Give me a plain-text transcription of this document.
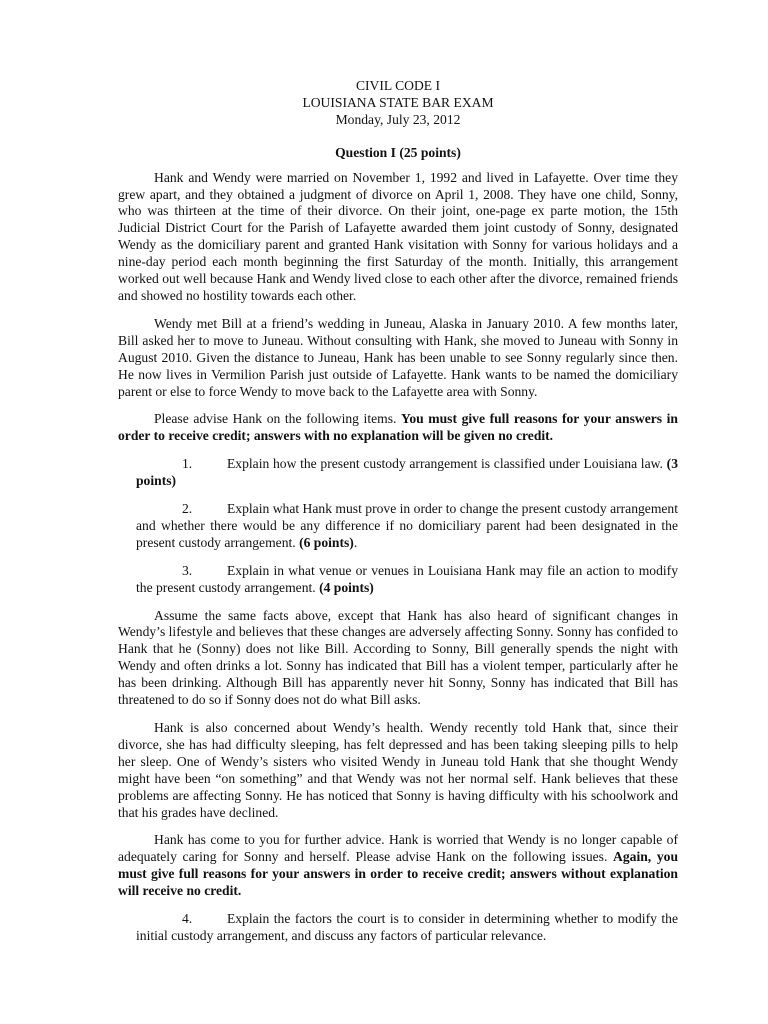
CIVIL CODE I

LOUISIANA STATE BAR EXAM

Monday, July 23, 2012

Question I (25 points)

Hank and Wendy were married on November 1, 1992 and lived in Lafayette. Over time they grew apart, and they obtained a judgment of divorce on April 1, 2008. They have one child, Sonny, who was thirteen at the time of their divorce. On their joint, one-page ex parte motion, the 15th Judicial District Court for the Parish of Lafayette awarded them joint custody of Sonny, designated Wendy as the domiciliary parent and granted Hank visitation with Sonny for various holidays and a nine-day period each month beginning the first Saturday of the month. Initially, this arrangement worked out well because Hank and Wendy lived close to each other after the divorce, remained friends and showed no hostility towards each other.

Wendy met Bill at a friend’s wedding in Juneau, Alaska in January 2010. A few months later, Bill asked her to move to Juneau. Without consulting with Hank, she moved to Juneau with Sonny in August 2010. Given the distance to Juneau, Hank has been unable to see Sonny regularly since then. He now lives in Vermilion Parish just outside of Lafayette. Hank wants to be named the domiciliary parent or else to force Wendy to move back to the Lafayette area with Sonny.

Please advise Hank on the following items. You must give full reasons for your answers in order to receive credit; answers with no explanation will be given no credit.

1.	Explain how the present custody arrangement is classified under Louisiana law. (3 points)

2.	Explain what Hank must prove in order to change the present custody arrangement and whether there would be any difference if no domiciliary parent had been designated in the present custody arrangement. (6 points).

3.	Explain in what venue or venues in Louisiana Hank may file an action to modify the present custody arrangement. (4 points)

Assume the same facts above, except that Hank has also heard of significant changes in Wendy’s lifestyle and believes that these changes are adversely affecting Sonny. Sonny has confided to Hank that he (Sonny) does not like Bill. According to Sonny, Bill generally spends the night with Wendy and often drinks a lot. Sonny has indicated that Bill has a violent temper, particularly after he has been drinking. Although Bill has apparently never hit Sonny, Sonny has indicated that Bill has threatened to do so if Sonny does not do what Bill asks.

Hank is also concerned about Wendy’s health. Wendy recently told Hank that, since their divorce, she has had difficulty sleeping, has felt depressed and has been taking sleeping pills to help her sleep. One of Wendy’s sisters who visited Wendy in Juneau told Hank that she thought Wendy might have been “on something” and that Wendy was not her normal self. Hank believes that these problems are affecting Sonny. He has noticed that Sonny is having difficulty with his schoolwork and that his grades have declined.

Hank has come to you for further advice. Hank is worried that Wendy is no longer capable of adequately caring for Sonny and herself. Please advise Hank on the following issues. Again, you must give full reasons for your answers in order to receive credit; answers without explanation will receive no credit.

4.	Explain the factors the court is to consider in determining whether to modify the initial custody arrangement, and discuss any factors of particular relevance.
